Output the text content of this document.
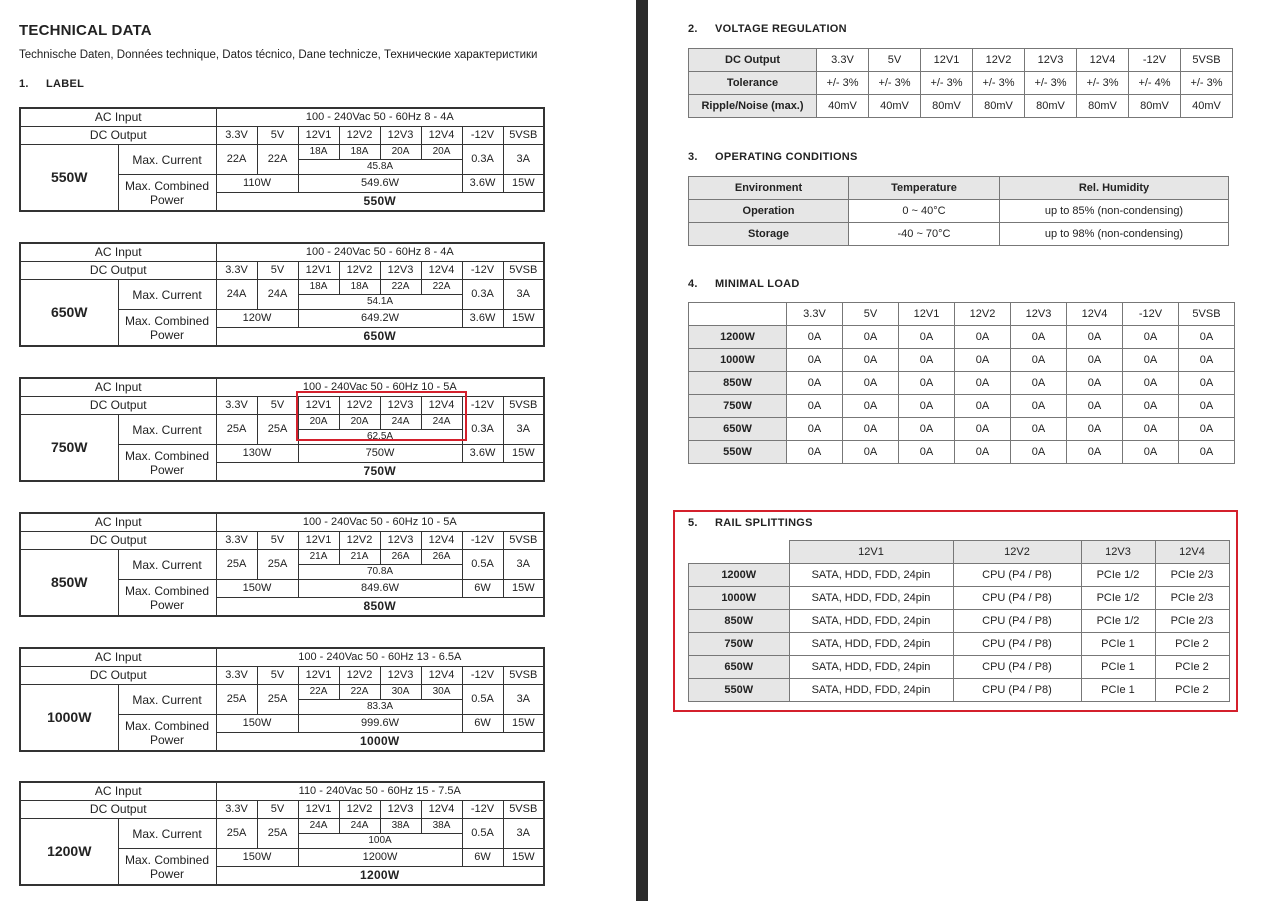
TECHNICAL DATA
Technische Daten, Données technique, Datos técnico, Dane technicze, Технические характеристики
1. LABEL
AC Input		100 - 240Vac 50 - 60Hz 8 - 4A							
DC Output		3.3V	5V	12V1	12V2	12V3	12V4	-12V	5VSB
550W	Max. Current	22A	22A	18A	18A	20A	20A	0.3A	3A
				45.8A					
	Max. Combined Power	110W		549.6W				3.6W	15W
		550W							
AC Input		100 - 240Vac 50 - 60Hz 8 - 4A							
DC Output		3.3V	5V	12V1	12V2	12V3	12V4	-12V	5VSB
650W	Max. Current	24A	24A	18A	18A	22A	22A	0.3A	3A
				54.1A					
	Max. Combined Power	120W		649.2W				3.6W	15W
		650W							
AC Input		100 - 240Vac 50 - 60Hz 10 - 5A							
DC Output		3.3V	5V	12V1	12V2	12V3	12V4	-12V	5VSB
750W	Max. Current	25A	25A	20A	20A	24A	24A	0.3A	3A
				62.5A					
	Max. Combined Power	130W		750W				3.6W	15W
		750W							
AC Input		100 - 240Vac 50 - 60Hz 10 - 5A							
DC Output		3.3V	5V	12V1	12V2	12V3	12V4	-12V	5VSB
850W	Max. Current	25A	25A	21A	21A	26A	26A	0.5A	3A
				70.8A					
	Max. Combined Power	150W		849.6W				6W	15W
		850W							
AC Input		100 - 240Vac 50 - 60Hz 13 - 6.5A							
DC Output		3.3V	5V	12V1	12V2	12V3	12V4	-12V	5VSB
1000W	Max. Current	25A	25A	22A	22A	30A	30A	0.5A	3A
				83.3A					
	Max. Combined Power	150W		999.6W				6W	15W
		1000W							
AC Input		110 - 240Vac 50 - 60Hz 15 - 7.5A							
DC Output		3.3V	5V	12V1	12V2	12V3	12V4	-12V	5VSB
1200W	Max. Current	25A	25A	24A	24A	38A	38A	0.5A	3A
				100A					
	Max. Combined Power	150W		1200W				6W	15W
		1200W							
2. VOLTAGE REGULATION
DC Output	3.3V	5V	12V1	12V2	12V3	12V4	-12V	5VSB
Tolerance	+/- 3%	+/- 3%	+/- 3%	+/- 3%	+/- 3%	+/- 3%	+/- 4%	+/- 3%
Ripple/Noise (max.)	40mV	40mV	80mV	80mV	80mV	80mV	80mV	40mV
3. OPERATING CONDITIONS
Environment	Temperature	Rel. Humidity
Operation	0 ~ 40°C	up to 85% (non-condensing)
Storage	-40 ~ 70°C	up to 98% (non-condensing)
4. MINIMAL LOAD
	3.3V	5V	12V1	12V2	12V3	12V4	-12V	5VSB
1200W	0A	0A	0A	0A	0A	0A	0A	0A
1000W	0A	0A	0A	0A	0A	0A	0A	0A
850W	0A	0A	0A	0A	0A	0A	0A	0A
750W	0A	0A	0A	0A	0A	0A	0A	0A
650W	0A	0A	0A	0A	0A	0A	0A	0A
550W	0A	0A	0A	0A	0A	0A	0A	0A
5. RAIL SPLITTINGS
	12V1	12V2	12V3	12V4
1200W	SATA, HDD, FDD, 24pin	CPU (P4 / P8)	PCIe 1/2	PCIe 2/3
1000W	SATA, HDD, FDD, 24pin	CPU (P4 / P8)	PCIe 1/2	PCIe 2/3
850W	SATA, HDD, FDD, 24pin	CPU (P4 / P8)	PCIe 1/2	PCIe 2/3
750W	SATA, HDD, FDD, 24pin	CPU (P4 / P8)	PCIe 1	PCIe 2
650W	SATA, HDD, FDD, 24pin	CPU (P4 / P8)	PCIe 1	PCIe 2
550W	SATA, HDD, FDD, 24pin	CPU (P4 / P8)	PCIe 1	PCIe 2
